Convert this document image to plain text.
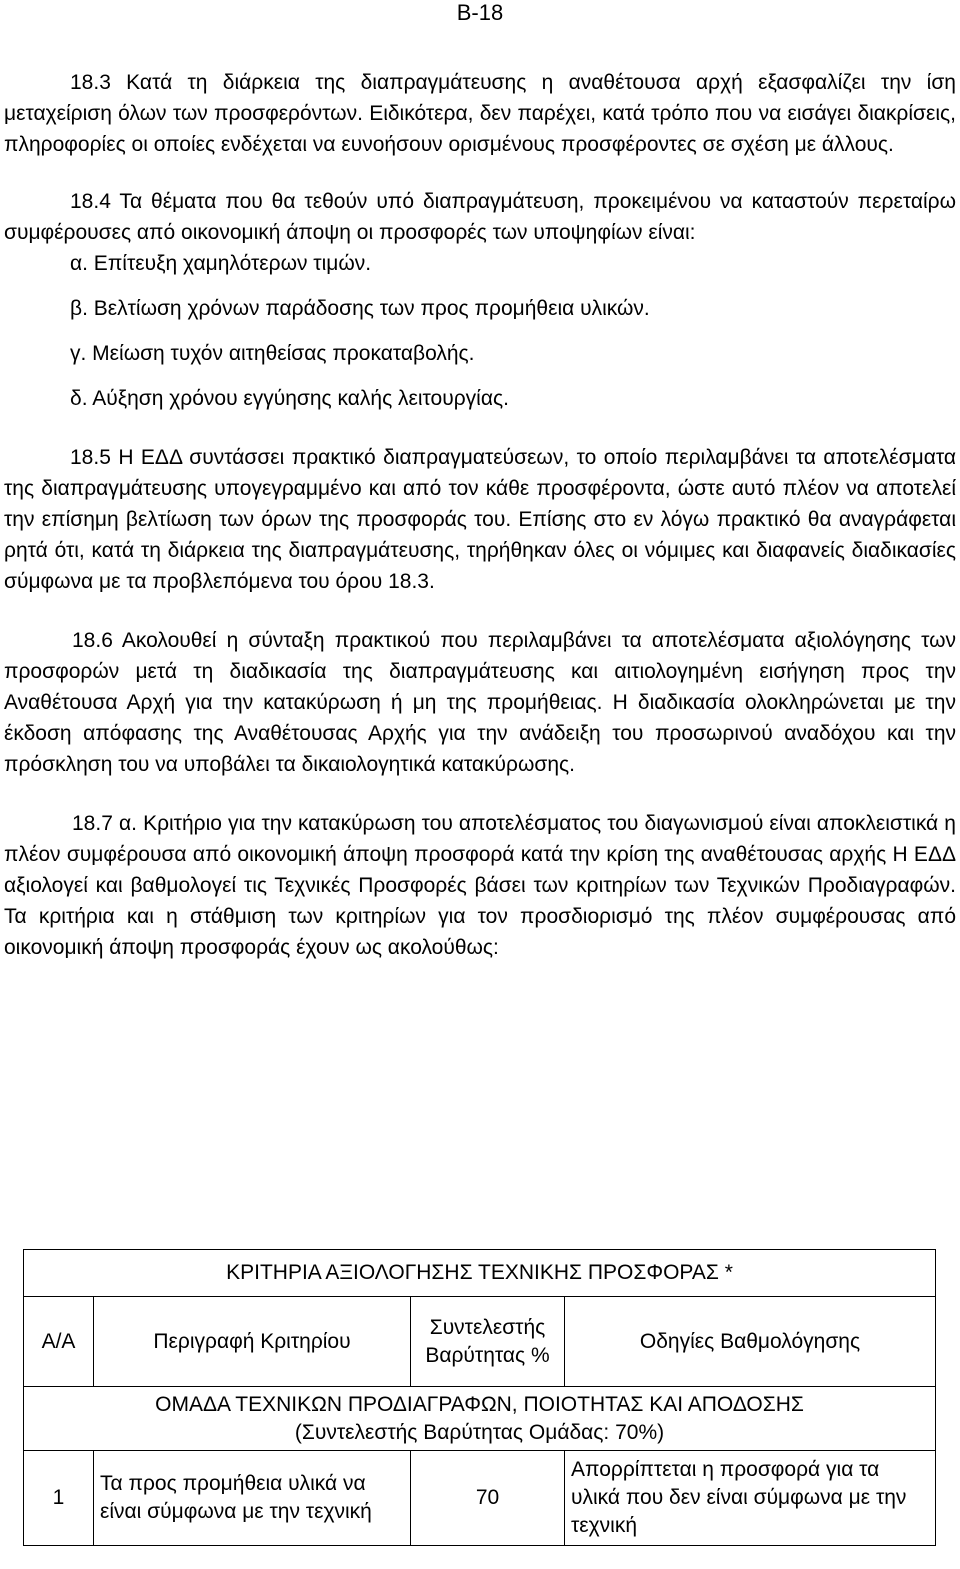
Β-18

18.3 Κατά τη διάρκεια της διαπραγμάτευσης η αναθέτουσα αρχή εξασφαλίζει την ίση μεταχείριση όλων των προσφερόντων. Ειδικότερα, δεν παρέχει, κατά τρόπο που να εισάγει διακρίσεις, πληροφορίες οι οποίες ενδέχεται να ευνοήσουν ορισμένους προσφέροντες σε σχέση με άλλους.

18.4 Τα θέματα που θα τεθούν υπό διαπραγμάτευση, προκειμένου να καταστούν περεταίρω συμφέρουσες από οικονομική άποψη οι προσφορές των υποψηφίων είναι:

α. Επίτευξη χαμηλότερων τιμών.

β. Βελτίωση χρόνων παράδοσης των προς προμήθεια υλικών.

γ. Μείωση τυχόν αιτηθείσας προκαταβολής.

δ. Αύξηση χρόνου εγγύησης καλής λειτουργίας.

18.5 Η ΕΔΔ συντάσσει πρακτικό διαπραγματεύσεων, το οποίο περιλαμβάνει τα αποτελέσματα της διαπραγμάτευσης υπογεγραμμένο και από τον κάθε προσφέροντα, ώστε αυτό πλέον να αποτελεί την επίσημη βελτίωση των όρων της προσφοράς του. Επίσης στο εν λόγω πρακτικό θα αναγράφεται ρητά ότι, κατά τη διάρκεια της διαπραγμάτευσης, τηρήθηκαν όλες οι νόμιμες και διαφανείς διαδικασίες σύμφωνα με τα προβλεπόμενα του όρου 18.3.

18.6 Ακολουθεί η σύνταξη πρακτικού που περιλαμβάνει τα αποτελέσματα αξιολόγησης των προσφορών μετά τη διαδικασία της διαπραγμάτευσης και αιτιολογημένη εισήγηση προς την Αναθέτουσα Αρχή για την κατακύρωση ή μη της προμήθειας. Η διαδικασία ολοκληρώνεται με την έκδοση απόφασης της Αναθέτουσας Αρχής για την ανάδειξη του προσωρινού αναδόχου και την πρόσκληση του να υποβάλει τα δικαιολογητικά κατακύρωσης.

18.7 α. Κριτήριο για την κατακύρωση του αποτελέσματος του διαγωνισμού είναι αποκλειστικά η πλέον συμφέρουσα από οικονομική άποψη προσφορά κατά την κρίση της αναθέτουσας αρχής Η ΕΔΔ αξιολογεί και βαθμολογεί τις Τεχνικές Προσφορές βάσει των κριτηρίων των Τεχνικών Προδιαγραφών. Τα κριτήρια και η στάθμιση των κριτηρίων για τον προσδιορισμό της πλέον συμφέρουσας από οικονομική άποψη προσφοράς έχουν ως ακολούθως:

ΚΡΙΤΗΡΙΑ ΑΞΙΟΛΟΓΗΣΗΣ ΤΕΧΝΙΚΗΣ ΠΡΟΣΦΟΡΑΣ *			
Α/Α	Περιγραφή Κριτηρίου	Συντελεστής Βαρύτητας %	Οδηγίες Βαθμολόγησης

ΟΜΑΔΑ ΤΕΧΝΙΚΩΝ ΠΡΟΔΙΑΓΡΑΦΩΝ, ΠΟΙΟΤΗΤΑΣ ΚΑΙ ΑΠΟΔΟΣΗΣ
(Συντελεστής Βαρύτητας Ομάδας: 70%)			

1	Τα προς προμήθεια υλικά να είναι σύμφωνα με την τεχνική	70	Απορρίπτεται η προσφορά για τα υλικά που δεν είναι σύμφωνα με την τεχνική
